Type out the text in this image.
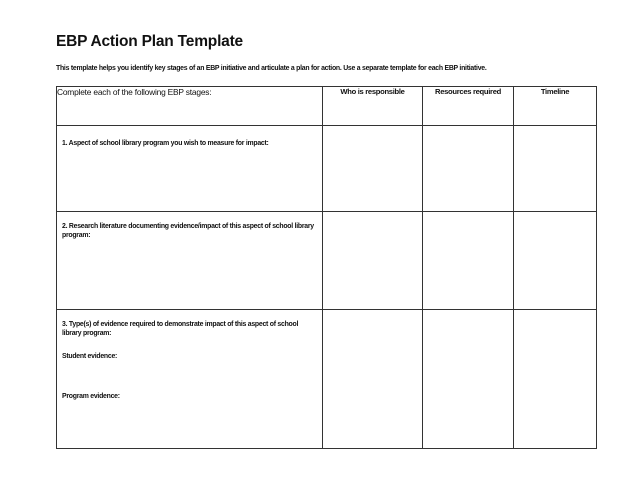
EBP Action Plan Template
This template helps you identify key stages of an EBP initiative and articulate a plan for action. Use a separate template for each EBP initiative.
Complete each of the following EBP stages:	Who is responsible	Resources required	Timeline

1. Aspect of school library program you wish to measure for impact:			

2. Research literature documenting evidence/impact of this aspect of school library program:			

3. Type(s) of evidence required to demonstrate impact of this aspect of school library program:
Student evidence:
Program evidence:			
